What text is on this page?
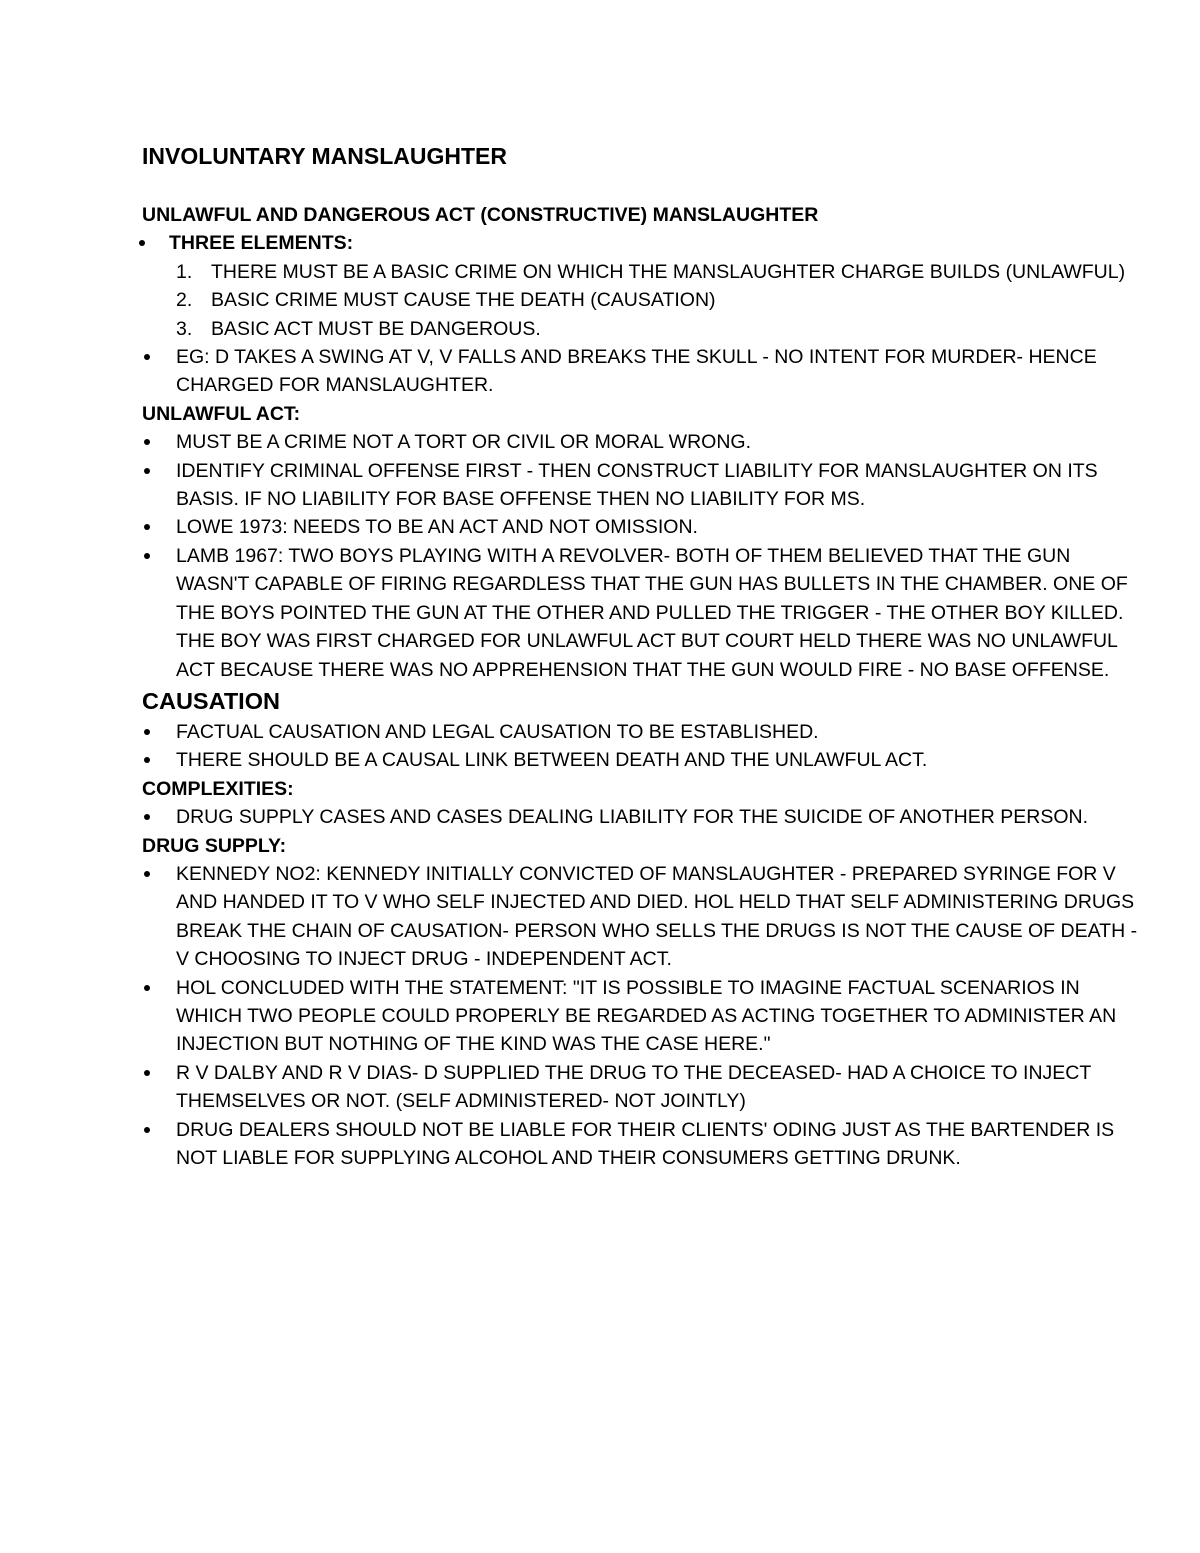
INVOLUNTARY MANSLAUGHTER

UNLAWFUL AND DANGEROUS ACT (CONSTRUCTIVE) MANSLAUGHTER

THREE ELEMENTS:
1. THERE MUST BE A BASIC CRIME ON WHICH THE MANSLAUGHTER CHARGE BUILDS (UNLAWFUL)
2. BASIC CRIME MUST CAUSE THE DEATH (CAUSATION)
3. BASIC ACT MUST BE DANGEROUS.
EG: D TAKES A SWING AT V, V FALLS AND BREAKS THE SKULL - NO INTENT FOR MURDER- HENCE CHARGED FOR MANSLAUGHTER.

UNLAWFUL ACT:

MUST BE A CRIME NOT A TORT OR CIVIL OR MORAL WRONG.
IDENTIFY CRIMINAL OFFENSE FIRST - THEN CONSTRUCT LIABILITY FOR MANSLAUGHTER ON ITS BASIS. IF NO LIABILITY FOR BASE OFFENSE THEN NO LIABILITY FOR MS.
LOWE 1973: NEEDS TO BE AN ACT AND NOT OMISSION.
LAMB 1967: TWO BOYS PLAYING WITH A REVOLVER- BOTH OF THEM BELIEVED THAT THE GUN WASN'T CAPABLE OF FIRING REGARDLESS THAT THE GUN HAS BULLETS IN THE CHAMBER. ONE OF THE BOYS POINTED THE GUN AT THE OTHER AND PULLED THE TRIGGER - THE OTHER BOY KILLED. THE BOY WAS FIRST CHARGED FOR UNLAWFUL ACT BUT COURT HELD THERE WAS NO UNLAWFUL ACT BECAUSE THERE WAS NO APPREHENSION THAT THE GUN WOULD FIRE - NO BASE OFFENSE.

CAUSATION

FACTUAL CAUSATION AND LEGAL CAUSATION TO BE ESTABLISHED.
THERE SHOULD BE A CAUSAL LINK BETWEEN DEATH AND THE UNLAWFUL ACT.

COMPLEXITIES:

DRUG SUPPLY CASES AND CASES DEALING LIABILITY FOR THE SUICIDE OF ANOTHER PERSON.

DRUG SUPPLY:

KENNEDY NO2: KENNEDY INITIALLY CONVICTED OF MANSLAUGHTER - PREPARED SYRINGE FOR V AND HANDED IT TO V WHO SELF INJECTED AND DIED. HOL HELD THAT SELF ADMINISTERING DRUGS BREAK THE CHAIN OF CAUSATION- PERSON WHO SELLS THE DRUGS IS NOT THE CAUSE OF DEATH - V CHOOSING TO INJECT DRUG - INDEPENDENT ACT.
HOL CONCLUDED WITH THE STATEMENT: "IT IS POSSIBLE TO IMAGINE FACTUAL SCENARIOS IN WHICH TWO PEOPLE COULD PROPERLY BE REGARDED AS ACTING TOGETHER TO ADMINISTER AN INJECTION BUT NOTHING OF THE KIND WAS THE CASE HERE."
R V DALBY AND R V DIAS- D SUPPLIED THE DRUG TO THE DECEASED- HAD A CHOICE TO INJECT THEMSELVES OR NOT. (SELF ADMINISTERED- NOT JOINTLY)
DRUG DEALERS SHOULD NOT BE LIABLE FOR THEIR CLIENTS' ODING JUST AS THE BARTENDER IS NOT LIABLE FOR SUPPLYING ALCOHOL AND THEIR CONSUMERS GETTING DRUNK.
